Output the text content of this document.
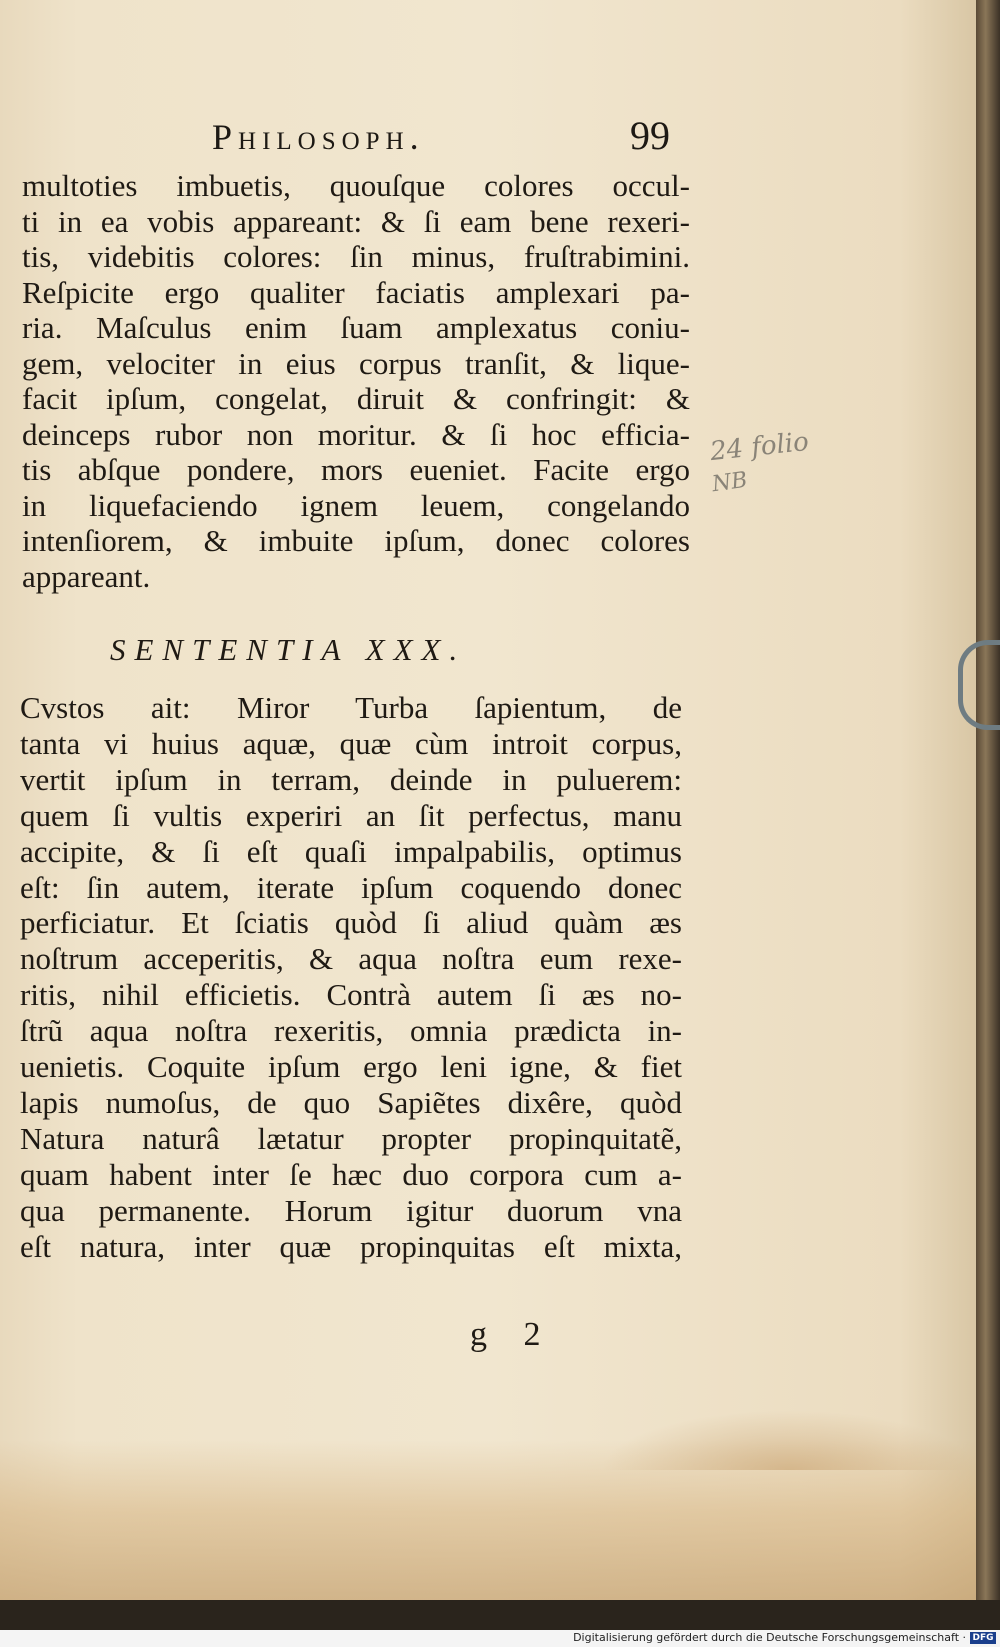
Philosoph.	99
multoties imbuetis, quouſque colores occul-
ti in ea vobis appareant: & ſi eam bene rexeri-
tis, videbitis colores: ſin minus, fruſtrabimini.
Reſpicite ergo qualiter faciatis amplexari pa-
ria. Maſculus enim ſuam amplexatus coniu-
gem, velociter in eius corpus tranſit, & lique-
facit ipſum, congelat, diruit & confringit: &
deinceps rubor non moritur. & ſi hoc efficia-
tis abſque pondere, mors eueniet. Facite ergo
in liquefaciendo ignem leuem, congelando
intenſiorem, & imbuite ipſum, donec colores
appareant.
SENTENTIA XXX.
Cvstos ait: Miror Turba ſapientum, de
tanta vi huius aquæ, quæ cùm introit corpus,
vertit ipſum in terram, deinde in puluerem:
quem ſi vultis experiri an ſit perfectus, manu
accipite, & ſi eſt quaſi impalpabilis, optimus
eſt: ſin autem, iterate ipſum coquendo donec
perficiatur. Et ſciatis quòd ſi aliud quàm æs
noſtrum acceperitis, & aqua noſtra eum rexe-
ritis, nihil efficietis. Contrà autem ſi æs no-
ſtrũ aqua noſtra rexeritis, omnia prædicta in-
uenietis. Coquite ipſum ergo leni igne, & fiet
lapis numoſus, de quo Sapiẽtes dixêre, quòd
Natura naturâ lætatur propter propinquitatẽ,
quam habent inter ſe hæc duo corpora cum a-
qua permanente. Horum igitur duorum vna
eſt natura, inter quæ propinquitas eſt mixta,
g 2
24 folio
NB
Digitalisierung gefördert durch die Deutsche Forschungsgemeinschaft · DFG
